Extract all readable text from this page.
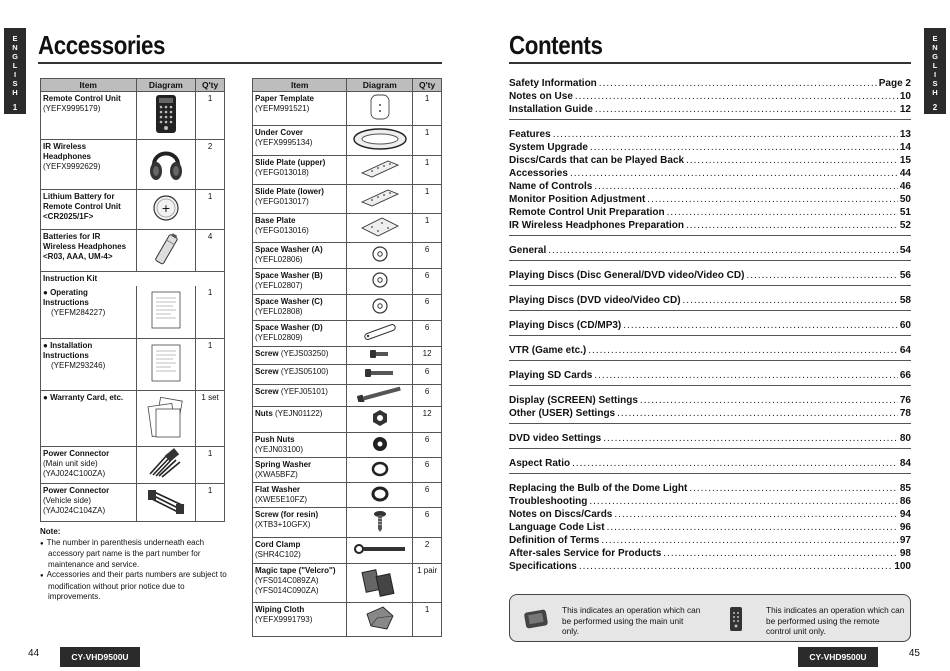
E
N
G
L
I
S
H
1
Accessories
Item	Diagram	Q'ty

Remote Control Unit
(YEFX9995179)		1

IR Wireless Headphones
(YEFX9992629)		2

Lithium Battery for Remote Control Unit <CR2025/1F>	+	1

Batteries for IR Wireless Headphones <R03, AAA, UM-4>		4
Instruction Kit		

● Operating Instructions
(YEFM284227)		1

● Installation Instructions
(YEFM293246)		1

● Warranty Card, etc.		1 set

Power Connector
(Main unit side)
(YAJ024C100ZA)		1

Power Connector
(Vehicle side)
(YAJ024C104ZA)		1
Item	Diagram	Q'ty

Paper Template
(YEFM991521)		1

Under Cover
(YEFX9995134)		1

Slide Plate (upper)
(YEFG013018)		1

Slide Plate (lower)
(YEFG013017)		1

Base Plate
(YEFG013016)		1

Space Washer (A)
(YEFL02806)		6

Space Washer (B)
(YEFL02807)		6

Space Washer (C)
(YEFL02808)		6

Space Washer (D)
(YEFL02809)		6
Screw (YEJS03250)		12
Screw (YEJS05100)		6
Screw (YEFJ05101)		6
Nuts (YEJN01122)		12
Push Nuts (YEJN03100)		6
Spring Washer (XWA5BFZ)		6
Flat Washer (XWE5E10FZ)		6

Screw (for resin)
(XTB3+10GFX)		6

Cord Clamp
(SHR4C102)		2

Magic tape ("Velcro")
(YFS014C089ZA)
(YFS014C090ZA)		1 pair

Wiping Cloth
(YEFX9991793)		1
Note:
● The number in parenthesis underneath each accessory part name is the part number for maintenance and service.
● Accessories and their parts numbers are subject to modification without prior notice due to improvements.
44	CY-VHD9500U
E
N
G
L
I
S
H
2
Contents
Safety Information .....	Page 2
Notes on Use .....	10
Installation Guide .....	12
Features .....	13
System Upgrade .....	14
Discs/Cards that can be Played Back .....	15
Accessories .....	44
Name of Controls .....	46
Monitor Position Adjustment .....	50
Remote Control Unit Preparation .....	51
IR Wireless Headphones Preparation .....	52
General .....	54
Playing Discs (Disc General/DVD video/Video CD) .....	56
Playing Discs (DVD video/Video CD) .....	58
Playing Discs (CD/MP3) .....	60
VTR (Game etc.) .....	64
Playing SD Cards .....	66
Display (SCREEN) Settings .....	76
Other (USER) Settings .....	78
DVD video Settings .....	80
Aspect Ratio .....	84
Replacing the Bulb of the Dome Light .....	85
Troubleshooting .....	86
Notes on Discs/Cards .....	94
Language Code List .....	96
Definition of Terms .....	97
After-sales Service for Products .....	98
Specifications .....	100
This indicates an operation which can be performed using the main unit only.
This indicates an operation which can be performed using the remote control unit only.
45
CY-VHD9500U
